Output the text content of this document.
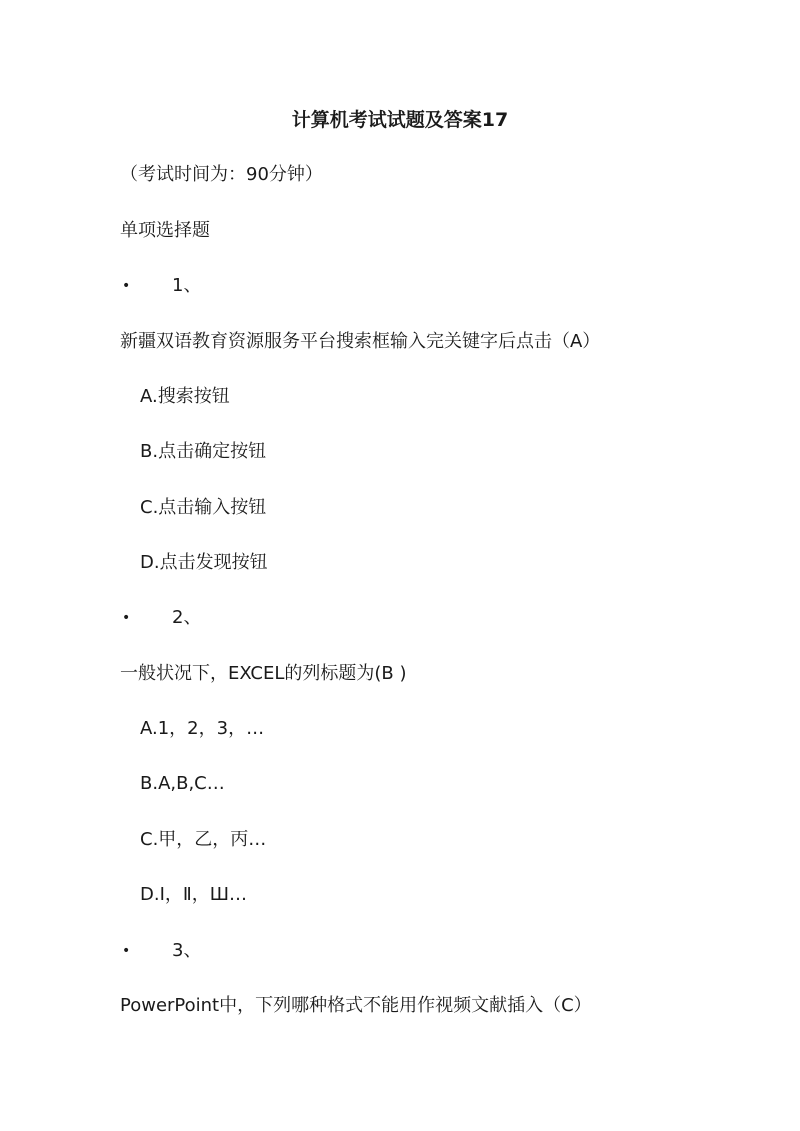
计算机考试试题及答案17
（考试时间为：90分钟）
单项选择题
• 1、
新疆双语教育资源服务平台搜索框输入完关键字后点击（A）
A.搜索按钮
B.点击确定按钮
C.点击输入按钮
D.点击发现按钮
• 2、
一般状况下，EXCEL的列标题为(B )
A.1，2，3，…
B.A,B,C…
C.甲，乙，丙…
D.I，Ⅱ，Ш…
• 3、
PowerPoint中，下列哪种格式不能用作视频文献插入（C）
